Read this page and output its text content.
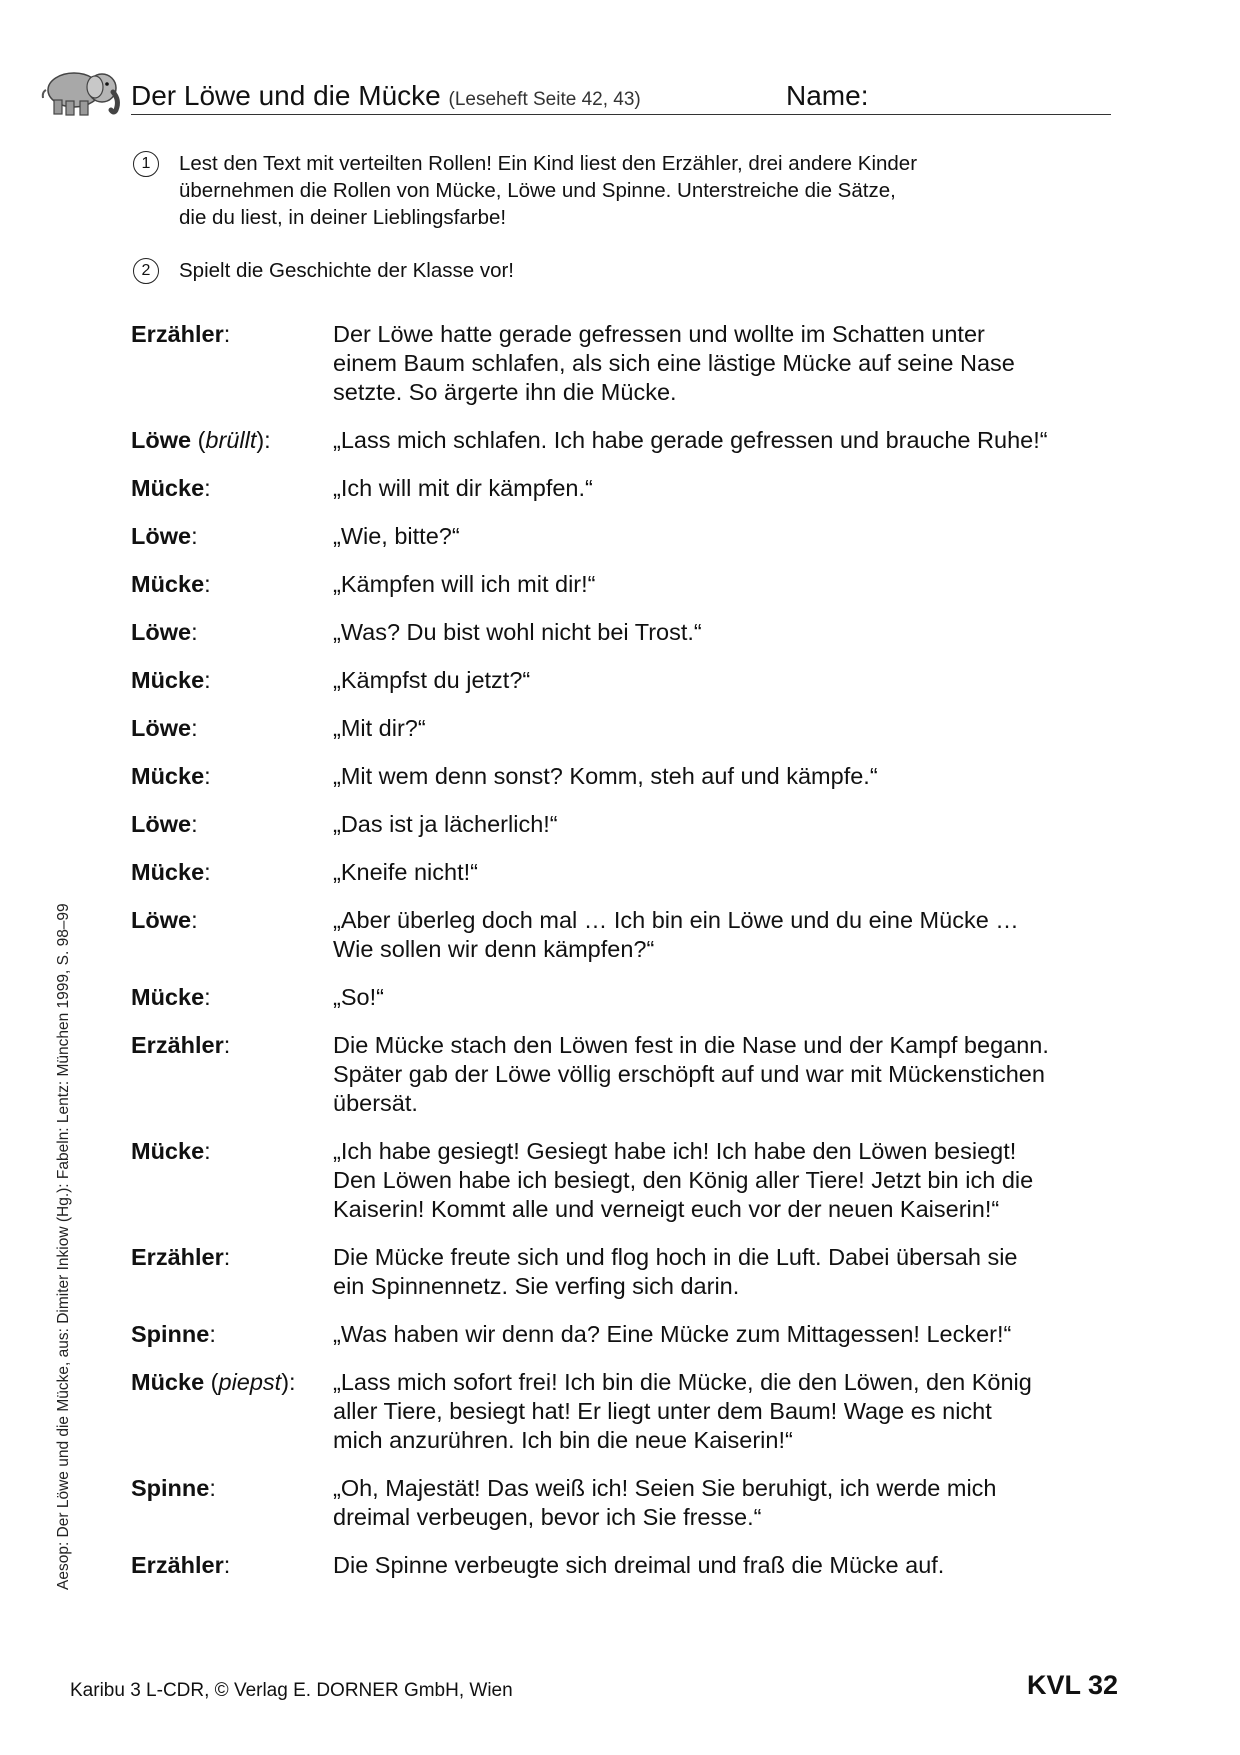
Der Löwe und die Mücke (Leseheft Seite 42, 43)	Name:
1	Lest den Text mit verteilten Rollen! Ein Kind liest den Erzähler, drei andere Kinder
übernehmen die Rollen von Mücke, Löwe und Spinne. Unterstreiche die Sätze,
die du liest, in deiner Lieblingsfarbe!
2	Spielt die Geschichte der Klasse vor!
Erzähler:	Der Löwe hatte gerade gefressen und wollte im Schatten unter
einem Baum schlafen, als sich eine lästige Mücke auf seine Nase
setzte. So ärgerte ihn die Mücke.
Löwe (brüllt):	„Lass mich schlafen. Ich habe gerade gefressen und brauche Ruhe!“
Mücke:	„Ich will mit dir kämpfen.“
Löwe:	„Wie, bitte?“
Mücke:	„Kämpfen will ich mit dir!“
Löwe:	„Was? Du bist wohl nicht bei Trost.“
Mücke:	„Kämpfst du jetzt?“
Löwe:	„Mit dir?“
Mücke:	„Mit wem denn sonst? Komm, steh auf und kämpfe.“
Löwe:	„Das ist ja lächerlich!“
Mücke:	„Kneife nicht!“
Löwe:	„Aber überleg doch mal … Ich bin ein Löwe und du eine Mücke …
Wie sollen wir denn kämpfen?“
Mücke:	„So!“
Erzähler:	Die Mücke stach den Löwen fest in die Nase und der Kampf begann.
Später gab der Löwe völlig erschöpft auf und war mit Mückenstichen
übersät.
Mücke:	„Ich habe gesiegt! Gesiegt habe ich! Ich habe den Löwen besiegt!
Den Löwen habe ich besiegt, den König aller Tiere! Jetzt bin ich die
Kaiserin! Kommt alle und verneigt euch vor der neuen Kaiserin!“
Erzähler:	Die Mücke freute sich und flog hoch in die Luft. Dabei übersah sie
ein Spinnennetz. Sie verfing sich darin.
Spinne:	„Was haben wir denn da? Eine Mücke zum Mittagessen! Lecker!“
Mücke (piepst):	„Lass mich sofort frei! Ich bin die Mücke, die den Löwen, den König
aller Tiere, besiegt hat! Er liegt unter dem Baum! Wage es nicht
mich anzurühren. Ich bin die neue Kaiserin!“
Spinne:	„Oh, Majestät! Das weiß ich! Seien Sie beruhigt, ich werde mich
dreimal verbeugen, bevor ich Sie fresse.“
Erzähler:	Die Spinne verbeugte sich dreimal und fraß die Mücke auf.
Aesop: Der Löwe und die Mücke, aus: Dimiter Inkiow (Hg.): Fabeln: Lentz: München 1999, S. 98–99
Karibu 3 L-CDR, © Verlag E. DORNER GmbH, Wien	KVL 32
